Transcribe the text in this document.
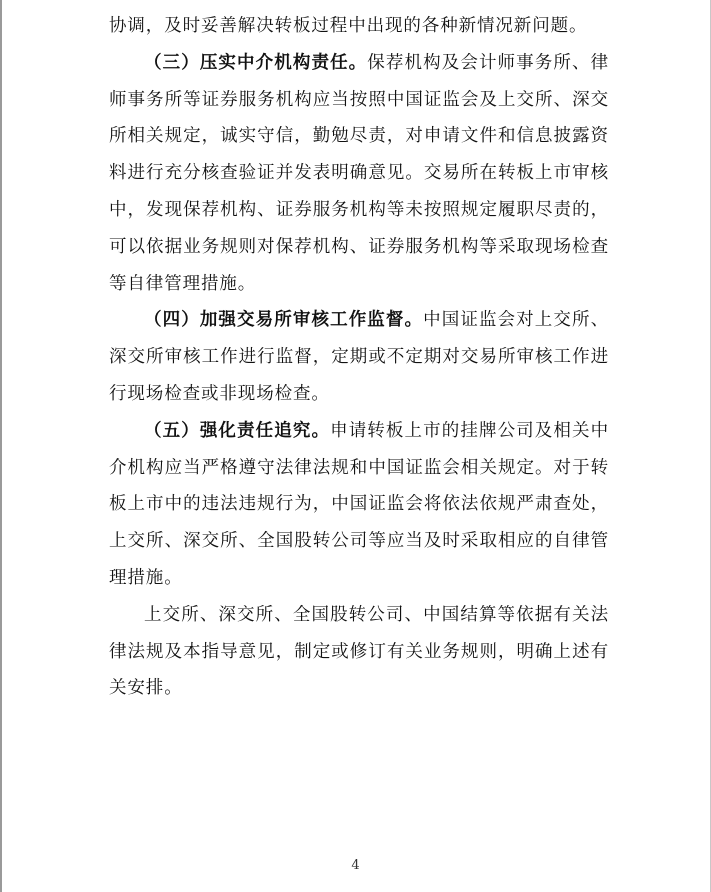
协调，及时妥善解决转板过程中出现的各种新情况新问题。

（三）压实中介机构责任。保荐机构及会计师事务所、律师事务所等证券服务机构应当按照中国证监会及上交所、深交所相关规定，诚实守信，勤勉尽责，对申请文件和信息披露资料进行充分核查验证并发表明确意见。交易所在转板上市审核中，发现保荐机构、证券服务机构等未按照规定履职尽责的，可以依据业务规则对保荐机构、证券服务机构等采取现场检查等自律管理措施。

（四）加强交易所审核工作监督。中国证监会对上交所、深交所审核工作进行监督，定期或不定期对交易所审核工作进行现场检查或非现场检查。

（五）强化责任追究。申请转板上市的挂牌公司及相关中介机构应当严格遵守法律法规和中国证监会相关规定。对于转板上市中的违法违规行为，中国证监会将依法依规严肃查处，上交所、深交所、全国股转公司等应当及时采取相应的自律管理措施。

上交所、深交所、全国股转公司、中国结算等依据有关法律法规及本指导意见，制定或修订有关业务规则，明确上述有关安排。

4
